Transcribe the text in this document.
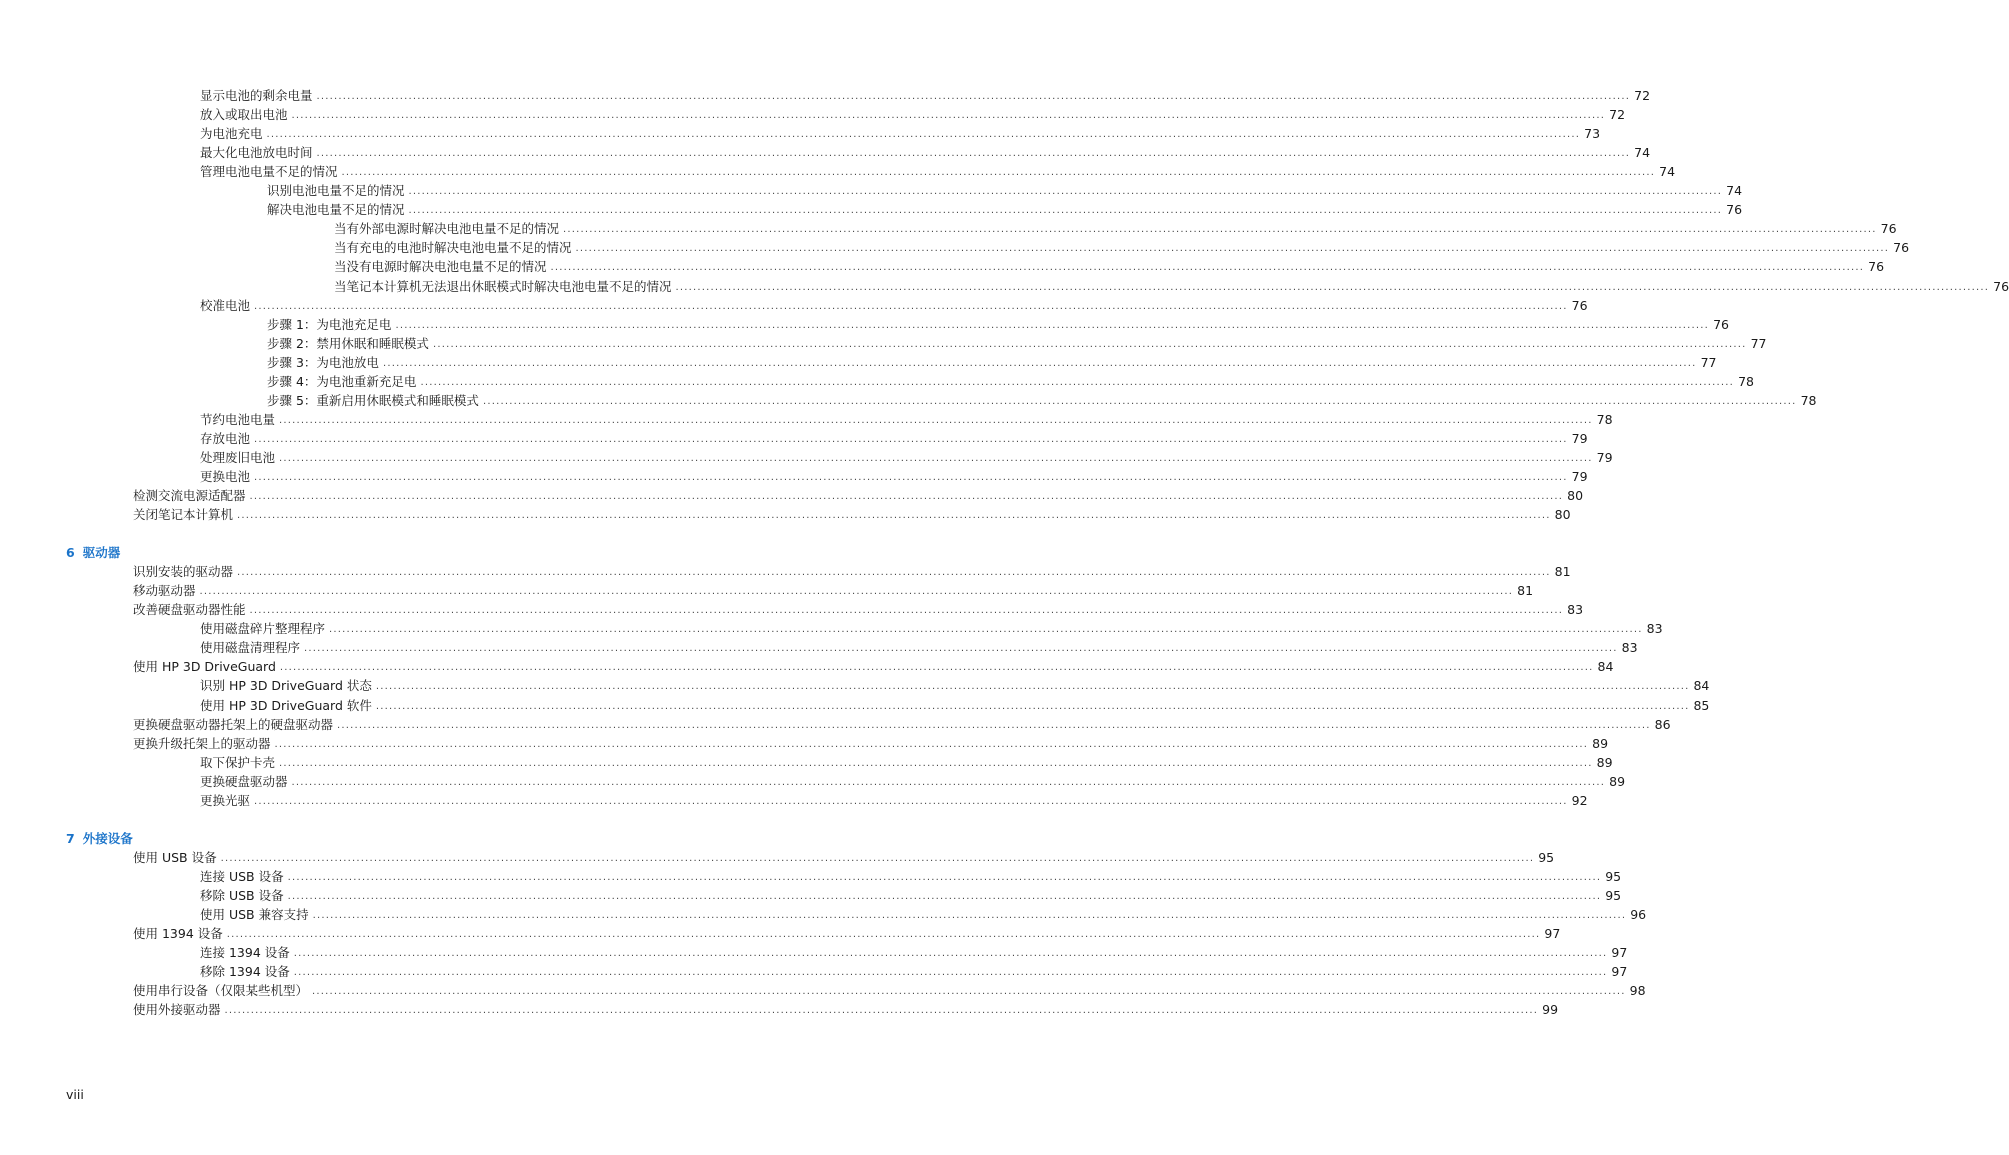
显示电池的剩余电量 ............................................................................................................................................................................................................................................................................................................ 72
放入或取出电池 ............................................................................................................................................................................................................................................................................................................ 72
为电池充电 ............................................................................................................................................................................................................................................................................................................ 73
最大化电池放电时间 ............................................................................................................................................................................................................................................................................................................ 74
管理电池电量不足的情况 ............................................................................................................................................................................................................................................................................................................ 74
识别电池电量不足的情况 ............................................................................................................................................................................................................................................................................................................ 74
解决电池电量不足的情况 ............................................................................................................................................................................................................................................................................................................ 76
当有外部电源时解决电池电量不足的情况 ............................................................................................................................................................................................................................................................................................................ 76
当有充电的电池时解决电池电量不足的情况 ............................................................................................................................................................................................................................................................................................................ 76
当没有电源时解决电池电量不足的情况 ............................................................................................................................................................................................................................................................................................................ 76
当笔记本计算机无法退出休眠模式时解决电池电量不足的情况 ............................................................................................................................................................................................................................................................................................................ 76
校准电池 ............................................................................................................................................................................................................................................................................................................ 76
步骤 1：为电池充足电 ............................................................................................................................................................................................................................................................................................................ 76
步骤 2：禁用休眠和睡眠模式 ............................................................................................................................................................................................................................................................................................................ 77
步骤 3：为电池放电 ............................................................................................................................................................................................................................................................................................................ 77
步骤 4：为电池重新充足电 ............................................................................................................................................................................................................................................................................................................ 78
步骤 5：重新启用休眠模式和睡眠模式 ............................................................................................................................................................................................................................................................................................................ 78
节约电池电量 ............................................................................................................................................................................................................................................................................................................ 78
存放电池 ............................................................................................................................................................................................................................................................................................................ 79
处理废旧电池 ............................................................................................................................................................................................................................................................................................................ 79
更换电池 ............................................................................................................................................................................................................................................................................................................ 79
检测交流电源适配器 ............................................................................................................................................................................................................................................................................................................ 80
关闭笔记本计算机 ............................................................................................................................................................................................................................................................................................................ 80
6 驱动器
识别安装的驱动器 ............................................................................................................................................................................................................................................................................................................ 81
移动驱动器 ............................................................................................................................................................................................................................................................................................................ 81
改善硬盘驱动器性能 ............................................................................................................................................................................................................................................................................................................ 83
使用磁盘碎片整理程序 ............................................................................................................................................................................................................................................................................................................ 83
使用磁盘清理程序 ............................................................................................................................................................................................................................................................................................................ 83
使用 HP 3D DriveGuard ............................................................................................................................................................................................................................................................................................................ 84
识别 HP 3D DriveGuard 状态 ............................................................................................................................................................................................................................................................................................................ 84
使用 HP 3D DriveGuard 软件 ............................................................................................................................................................................................................................................................................................................ 85
更换硬盘驱动器托架上的硬盘驱动器 ............................................................................................................................................................................................................................................................................................................ 86
更换升级托架上的驱动器 ............................................................................................................................................................................................................................................................................................................ 89
取下保护卡壳 ............................................................................................................................................................................................................................................................................................................ 89
更换硬盘驱动器 ............................................................................................................................................................................................................................................................................................................ 89
更换光驱 ............................................................................................................................................................................................................................................................................................................ 92
7 外接设备
使用 USB 设备 ............................................................................................................................................................................................................................................................................................................ 95
连接 USB 设备 ............................................................................................................................................................................................................................................................................................................ 95
移除 USB 设备 ............................................................................................................................................................................................................................................................................................................ 95
使用 USB 兼容支持 ............................................................................................................................................................................................................................................................................................................ 96
使用 1394 设备 ............................................................................................................................................................................................................................................................................................................ 97
连接 1394 设备 ............................................................................................................................................................................................................................................................................................................ 97
移除 1394 设备 ............................................................................................................................................................................................................................................................................................................ 97
使用串行设备（仅限某些机型） ............................................................................................................................................................................................................................................................................................................ 98
使用外接驱动器 ............................................................................................................................................................................................................................................................................................................ 99
viii
